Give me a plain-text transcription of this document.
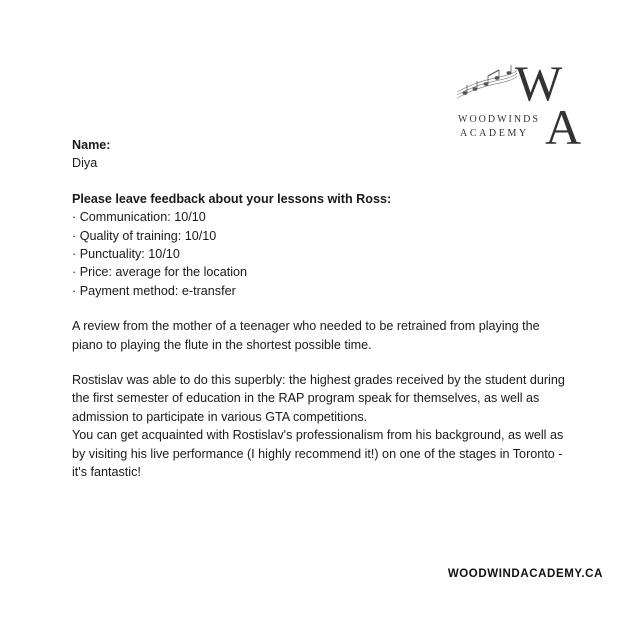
W
A
WOODWINDS
ACADEMY
Name:
Diya
Please leave feedback about your lessons with Ross:
· Communication: 10/10
· Quality of training: 10/10
· Punctuality: 10/10
· Price: average for the location
· Payment method: e-transfer

A review from the mother of a teenager who needed to be retrained from playing the piano to playing the flute in the shortest possible time.

Rostislav was able to do this superbly: the highest grades received by the student during the first semester of education in the RAP program speak for themselves, as well as admission to participate in various GTA competitions.

You can get acquainted with Rostislav's professionalism from his background, as well as by visiting his live performance (I highly recommend it!) on one of the stages in Toronto - it's fantastic!

WOODWINDACADEMY.CA
